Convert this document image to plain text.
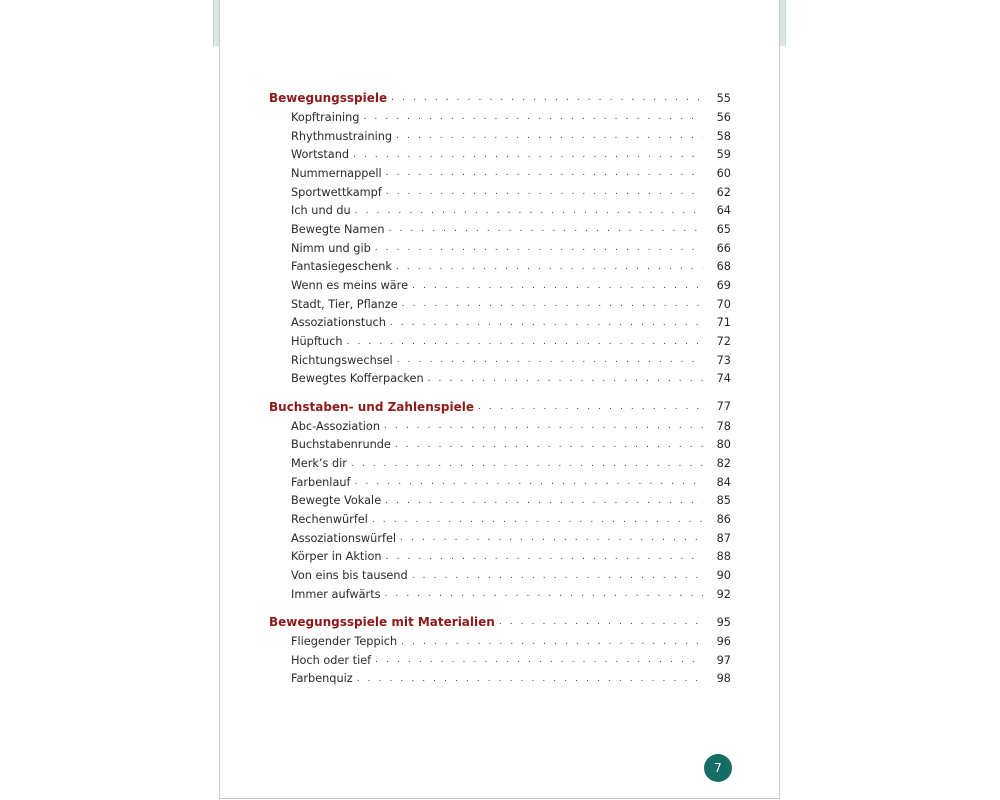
Bewegungsspiele . . .	55
Kopftraining . . .	56
Rhythmustraining . . .	58
Wortstand . . .	59
Nummernappell . . .	60
Sportwettkampf . . .	62
Ich und du . . .	64
Bewegte Namen . . .	65
Nimm und gib . . .	66
Fantasiegeschenk . . .	68
Wenn es meins wäre . . .	69
Stadt, Tier, Pflanze . . .	70
Assoziationstuch . . .	71
Hüpftuch . . .	72
Richtungswechsel . . .	73
Bewegtes Kofferpacken . . .	74
Buchstaben- und Zahlenspiele . . .	77
Abc-Assoziation . . .	78
Buchstabenrunde . . .	80
Merk’s dir . . .	82
Farbenlauf . . .	84
Bewegte Vokale . . .	85
Rechenwürfel . . .	86
Assoziationswürfel . . .	87
Körper in Aktion . . .	88
Von eins bis tausend . . .	90
Immer aufwärts . . .	92
Bewegungsspiele mit Materialien . . .	95
Fliegender Teppich . . .	96
Hoch oder tief . . .	97
Farbenquiz . . .	98
7
